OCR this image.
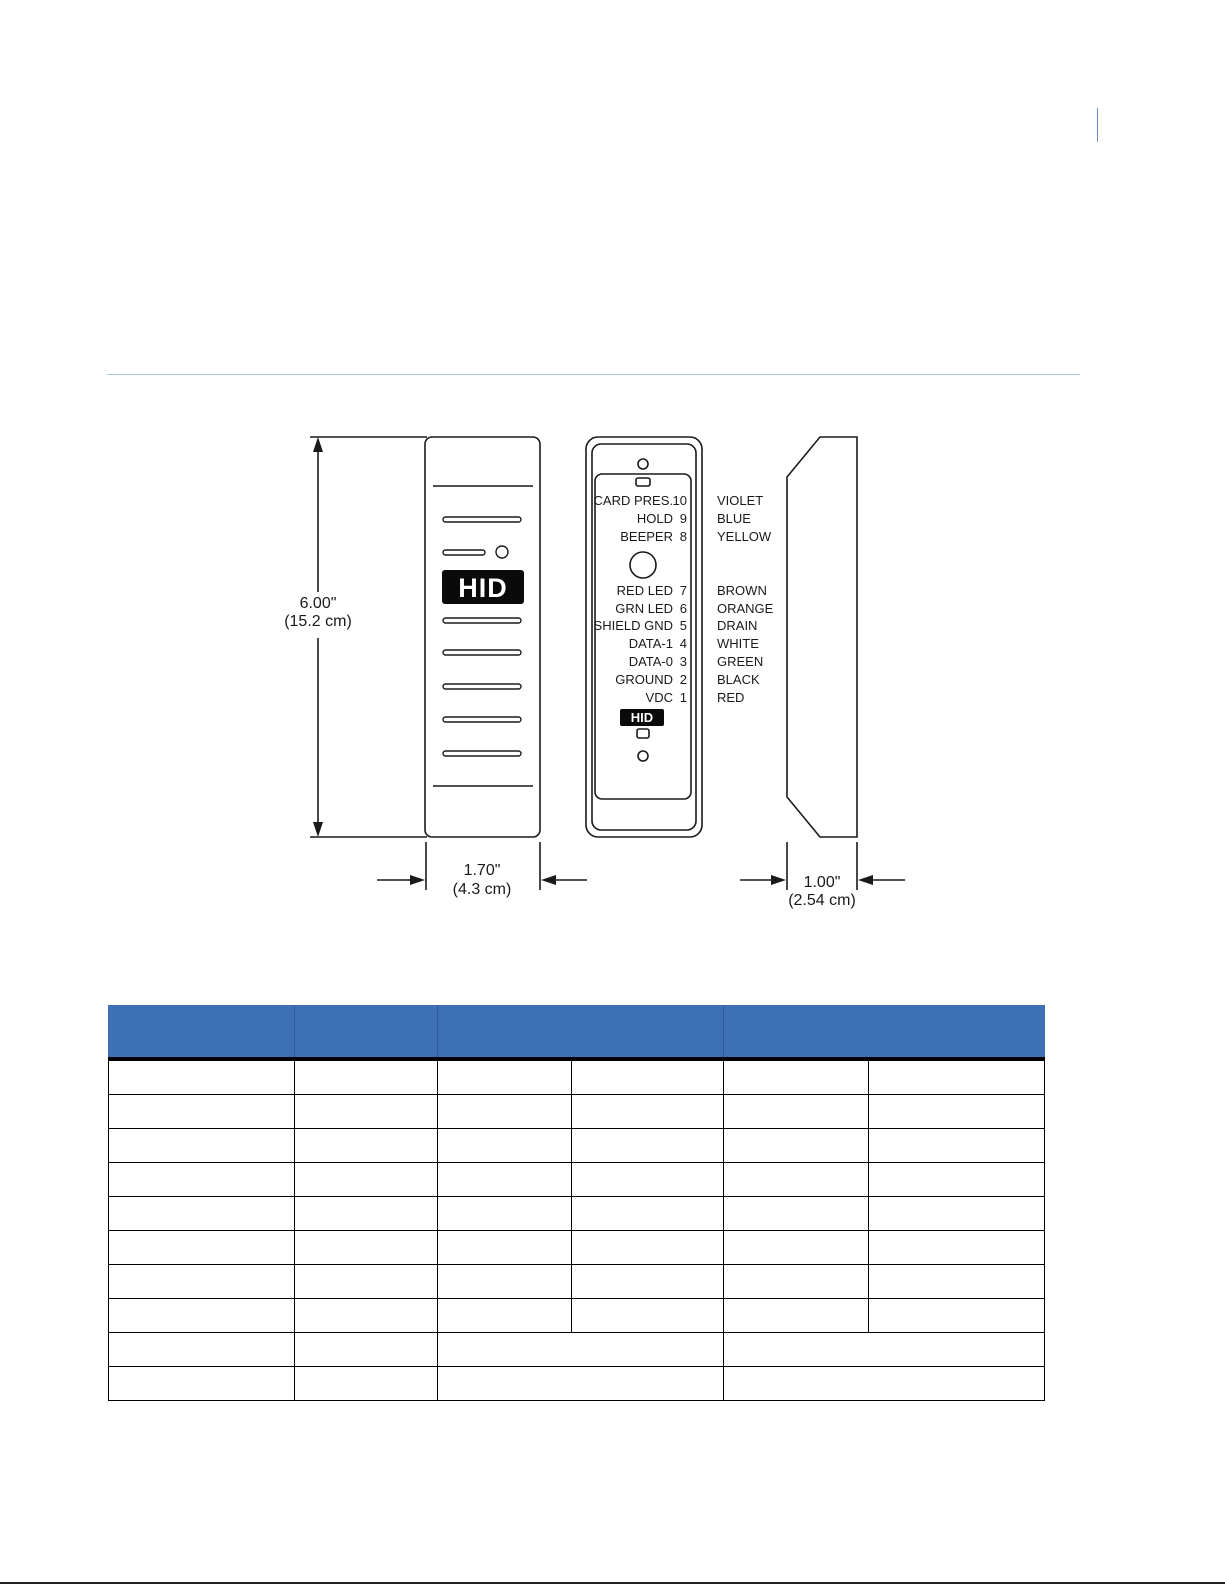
HID
HID
6.00"
(15.2 cm)
1.70"
(4.3 cm)	1.00"
(2.54 cm)
CARD PRES. 10 VIOLET
HOLD 9 BLUE
BEEPER 8 YELLOW
RED LED 7 BROWN
GRN LED 6 ORANGE
SHIELD GND 5 DRAIN
DATA-1 4 WHITE
DATA-0 3 GREEN
GROUND 2 BLACK
VDC 1 RED
